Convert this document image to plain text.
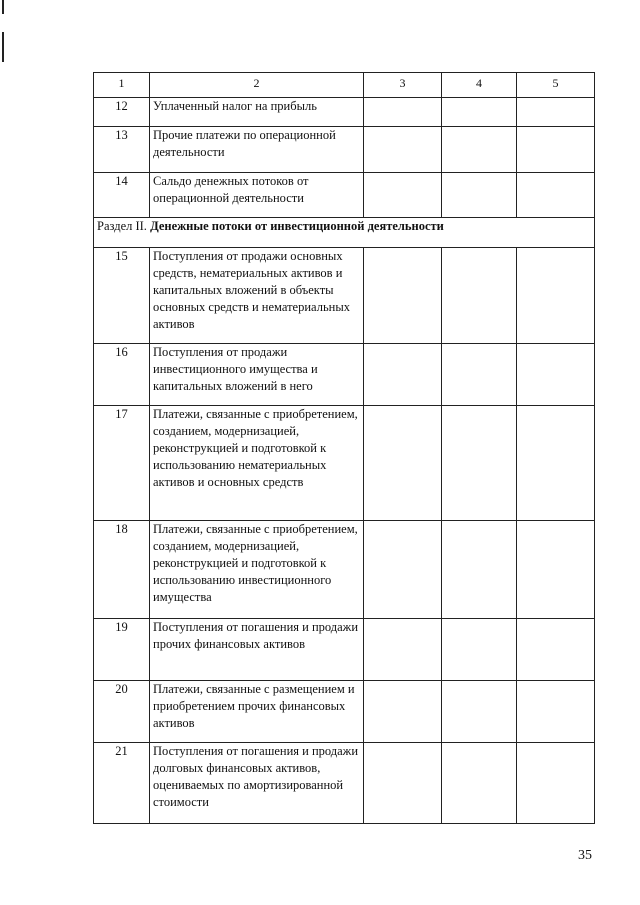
1	2	3	4	5
12	Уплаченный налог на прибыль			
13	Прочие платежи по операционной деятельности			
14	Сальдо денежных потоков от операционной деятельности			
Раздел II. Денежные потоки от инвестиционной деятельности				
15	Поступления от продажи основных средств, нематериальных активов и капитальных вложений в объекты основных средств и нематериальных активов			
16	Поступления от продажи инвестиционного имущества и капитальных вложений в него			
17	Платежи, связанные с приобретением, созданием, модернизацией, реконструкцией и подготовкой к использованию нематериальных активов и основных средств			
18	Платежи, связанные с приобретением, созданием, модернизацией, реконструкцией и подготовкой к использованию инвестиционного имущества			
19	Поступления от погашения и продажи прочих финансовых активов			
20	Платежи, связанные с размещением и приобретением прочих финансовых активов			
21	Поступления от погашения и продажи долговых финансовых активов, оцениваемых по амортизированной стоимости			
35
